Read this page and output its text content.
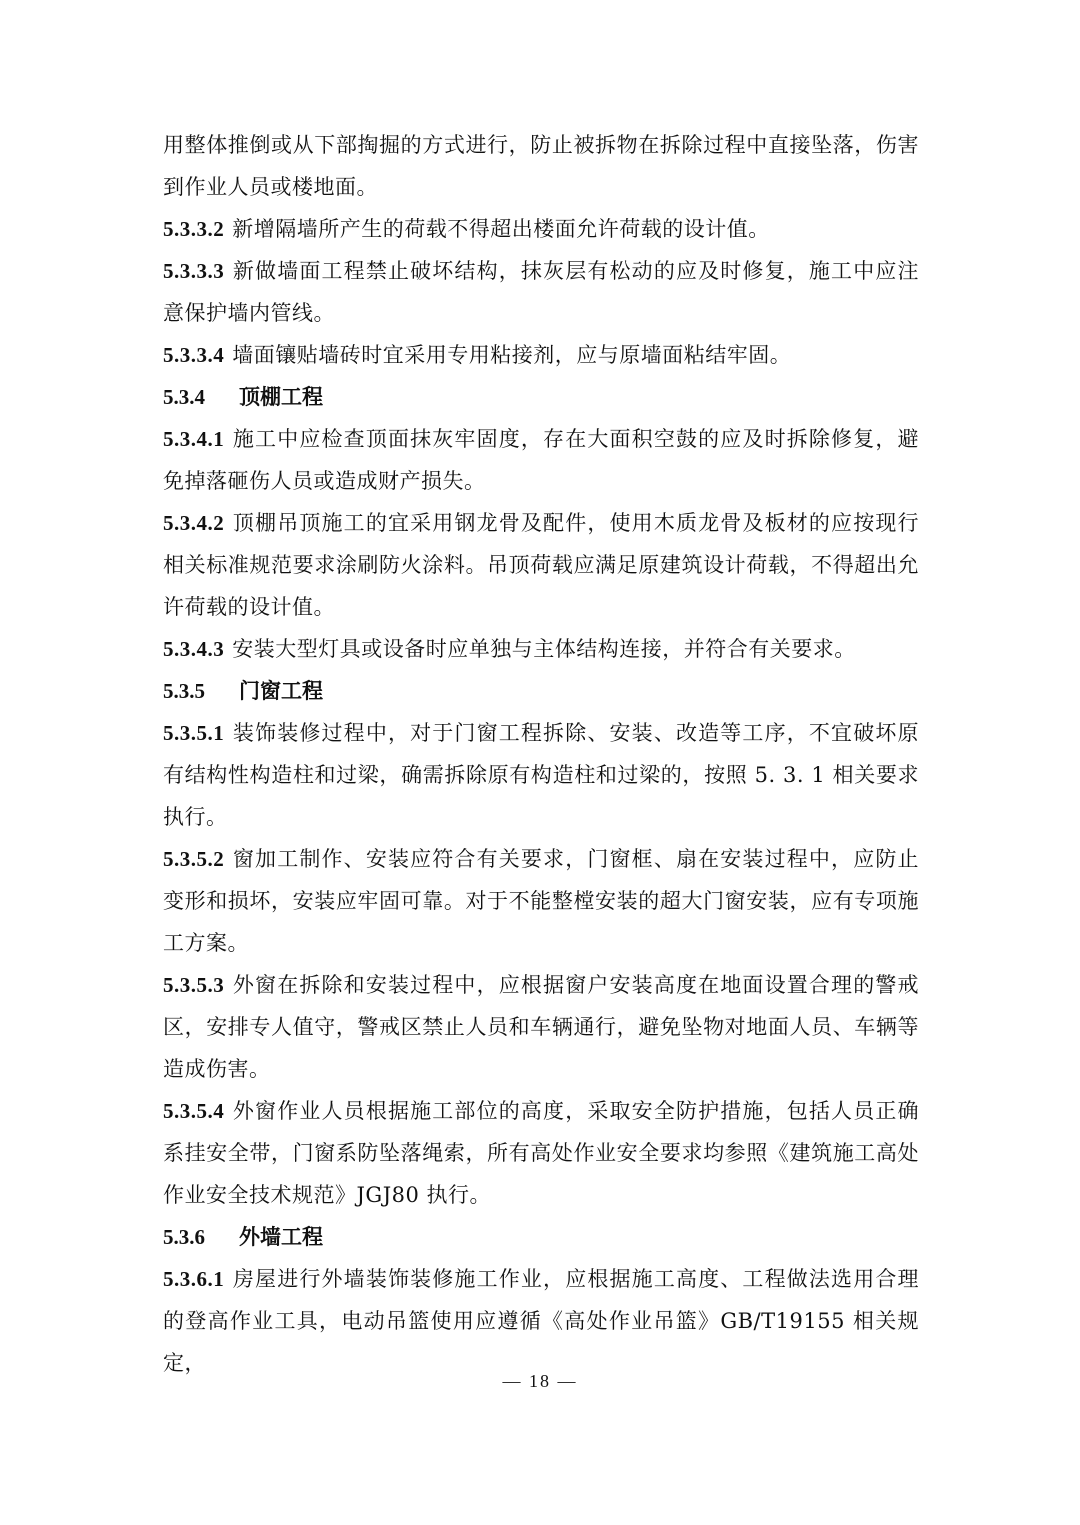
用整体推倒或从下部掏掘的方式进行，防止被拆物在拆除过程中直接坠落，伤害到作业人员或楼地面。

5.3.3.2 新增隔墙所产生的荷载不得超出楼面允许荷载的设计值。

5.3.3.3 新做墙面工程禁止破坏结构，抹灰层有松动的应及时修复，施工中应注意保护墙内管线。

5.3.3.4 墙面镶贴墙砖时宜采用专用粘接剂，应与原墙面粘结牢固。

5.3.4 顶棚工程

5.3.4.1 施工中应检查顶面抹灰牢固度，存在大面积空鼓的应及时拆除修复，避免掉落砸伤人员或造成财产损失。

5.3.4.2 顶棚吊顶施工的宜采用钢龙骨及配件，使用木质龙骨及板材的应按现行相关标准规范要求涂刷防火涂料。吊顶荷载应满足原建筑设计荷载，不得超出允许荷载的设计值。

5.3.4.3 安装大型灯具或设备时应单独与主体结构连接，并符合有关要求。

5.3.5 门窗工程

5.3.5.1 装饰装修过程中，对于门窗工程拆除、安装、改造等工序，不宜破坏原有结构性构造柱和过梁，确需拆除原有构造柱和过梁的，按照 5. 3. 1 相关要求执行。

5.3.5.2 窗加工制作、安装应符合有关要求，门窗框、扇在安装过程中，应防止变形和损坏，安装应牢固可靠。对于不能整樘安装的超大门窗安装，应有专项施工方案。

5.3.5.3 外窗在拆除和安装过程中，应根据窗户安装高度在地面设置合理的警戒区，安排专人值守，警戒区禁止人员和车辆通行，避免坠物对地面人员、车辆等造成伤害。

5.3.5.4 外窗作业人员根据施工部位的高度，采取安全防护措施，包括人员正确系挂安全带，门窗系防坠落绳索，所有高处作业安全要求均参照《建筑施工高处作业安全技术规范》JGJ80 执行。

5.3.6 外墙工程

5.3.6.1 房屋进行外墙装饰装修施工作业，应根据施工高度、工程做法选用合理的登高作业工具，电动吊篮使用应遵循《高处作业吊篮》GB/T19155 相关规定，

— 18 —
